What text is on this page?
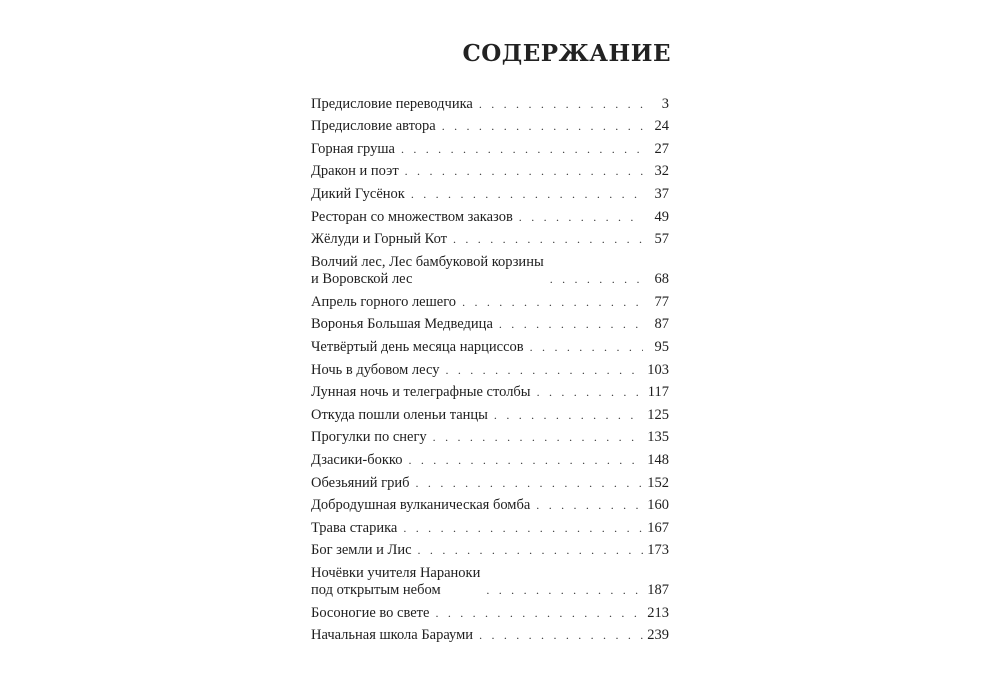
СОДЕРЖАНИЕ
Предисловие переводчика . . .	3
Предисловие автора . . .	24
Горная груша . . .	27
Дракон и поэт . . .	32
Дикий Гусёнок . . .	37
Ресторан со множеством заказов . . .	49
Жёлуди и Горный Кот . . .	57
Волчий лес, Лес бамбуковой корзины
и Воровской лес . . .	68
Апрель горного лешего . . .	77
Воронья Большая Медведица . . .	87
Четвёртый день месяца нарциссов . . .	95
Ночь в дубовом лесу . . .	103
Лунная ночь и телеграфные столбы . . .	117
Откуда пошли оленьи танцы . . .	125
Прогулки по снегу . . .	135
Дзасики-бокко . . .	148
Обезьяний гриб . . .	152
Добродушная вулканическая бомба . . .	160
Трава старика . . .	167
Бог земли и Лис . . .	173
Ночёвки учителя Нараноки
под открытым небом . . .	187
Босоногие во свете . . .	213
Начальная школа Барауми . . .	239
